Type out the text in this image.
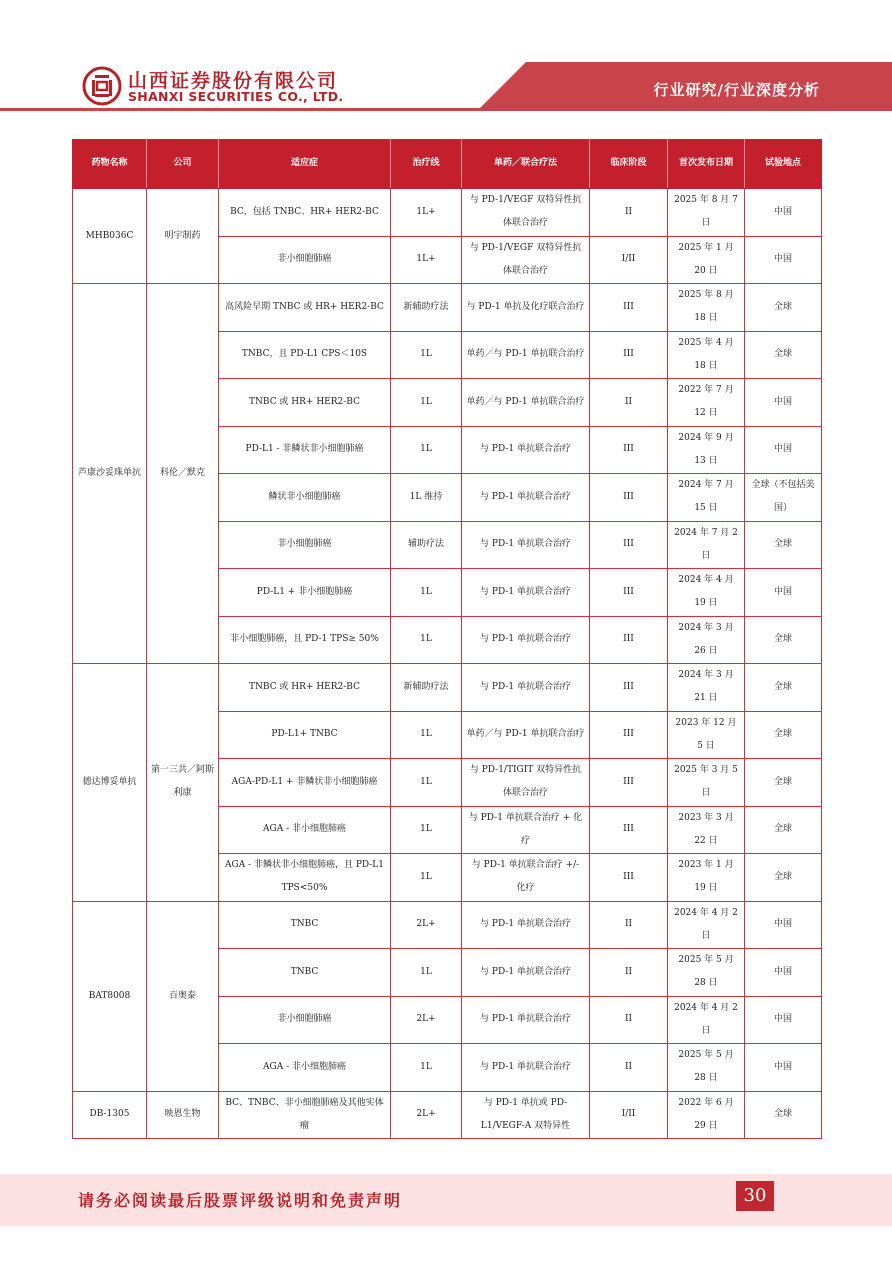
山西证券股份有限公司
SHANXI SECURITIES CO., LTD.	行业研究/行业深度分析
药物名称	公司	适应症	治疗线	单药／联合疗法	临床阶段	首次发布日期	试验地点
MHB036C	明宇制药	BC，包括 TNBC、HR+ HER2-BC	1L+	与 PD-1/VEGF 双特异性抗体联合治疗	II	2025 年 8 月 7 日	中国
		非小细胞肺癌	1L+	与 PD-1/VEGF 双特异性抗体联合治疗	I/II	2025 年 1 月 20 日	中国
芦康沙妥珠单抗	科伦／默克	高风险早期 TNBC 或 HR+ HER2-BC	新辅助疗法	与 PD-1 单抗及化疗联合治疗	III	2025 年 8 月 18 日	全球
		TNBC，且 PD-L1 CPS＜10S	1L	单药／与 PD-1 单抗联合治疗	III	2025 年 4 月 18 日	全球
		TNBC 或 HR+ HER2-BC	1L	单药／与 PD-1 单抗联合治疗	II	2022 年 7 月 12 日	中国
		PD-L1 - 非鳞状非小细胞肺癌	1L	与 PD-1 单抗联合治疗	III	2024 年 9 月 13 日	中国
		鳞状非小细胞肺癌	1L 维持	与 PD-1 单抗联合治疗	III	2024 年 7 月 15 日	全球（不包括美国）
		非小细胞肺癌	辅助疗法	与 PD-1 单抗联合治疗	III	2024 年 7 月 2 日	全球
		PD-L1 + 非小细胞肺癌	1L	与 PD-1 单抗联合治疗	III	2024 年 4 月 19 日	中国
		非小细胞肺癌，且 PD-1 TPS≥ 50%	1L	与 PD-1 单抗联合治疗	III	2024 年 3 月 26 日	全球
德达博妥单抗	第一三共／阿斯利康	TNBC 或 HR+ HER2-BC	新辅助疗法	与 PD-1 单抗联合治疗	III	2024 年 3 月 21 日	全球
		PD-L1+ TNBC	1L	单药／与 PD-1 单抗联合治疗	III	2023 年 12 月 5 日	全球
		AGA-PD-L1 + 非鳞状非小细胞肺癌	1L	与 PD-1/TIGIT 双特异性抗体联合治疗	III	2025 年 3 月 5 日	全球
		AGA - 非小细胞肺癌	1L	与 PD-1 单抗联合治疗 + 化疗	III	2023 年 3 月 22 日	全球
		AGA - 非鳞状非小细胞肺癌，且 PD-L1 TPS<50%	1L	与 PD-1 单抗联合治疗 +/- 化疗	III	2023 年 1 月 19 日	全球
BAT8008	百奥泰	TNBC	2L+	与 PD-1 单抗联合治疗	II	2024 年 4 月 2 日	中国
		TNBC	1L	与 PD-1 单抗联合治疗	II	2025 年 5 月 28 日	中国
		非小细胞肺癌	2L+	与 PD-1 单抗联合治疗	II	2024 年 4 月 2 日	中国
		AGA - 非小细胞肺癌	1L	与 PD-1 单抗联合治疗	II	2025 年 5 月 28 日	中国
DB-1305	映恩生物	BC、TNBC、非小细胞肺癌及其他实体瘤	2L+	与 PD-1 单抗或 PD-L1/VEGF-A 双特异性	I/II	2022 年 6 月 29 日	全球
请务必阅读最后股票评级说明和免责声明	30
